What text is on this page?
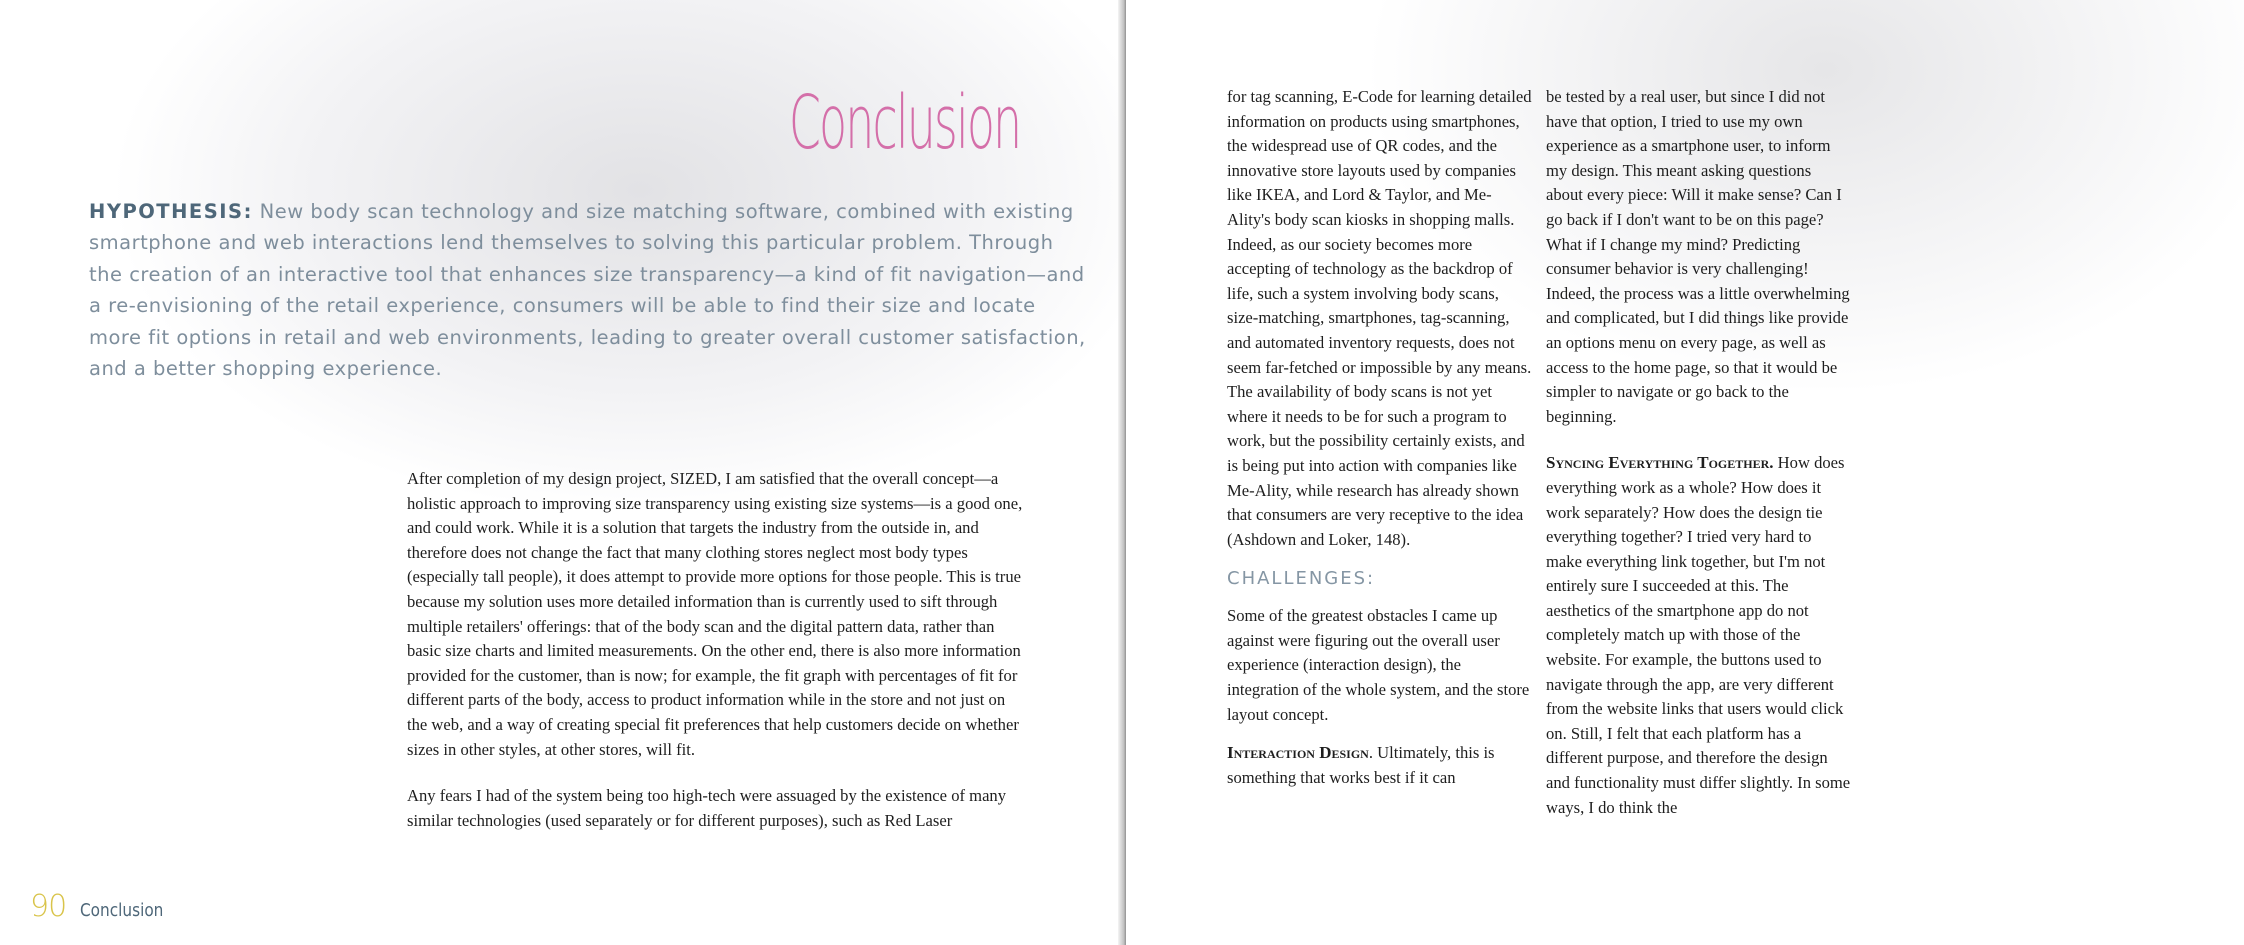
Conclusion

HYPOTHESIS: New body scan technology and size matching software, combined with existing smartphone and web interactions lend themselves to solving this particular problem. Through the creation of an interactive tool that enhances size transparency—a kind of fit navigation—and a re-envisioning of the retail experience, consumers will be able to find their size and locate more fit options in retail and web environments, leading to greater overall customer satisfaction, and a better shopping experience.

After completion of my design project, SIZED, I am satisfied that the overall concept—a holistic approach to improving size transparency using existing size systems—is a good one, and could work. While it is a solution that targets the industry from the outside in, and therefore does not change the fact that many clothing stores neglect most body types (especially tall people), it does attempt to provide more options for those people. This is true because my solution uses more detailed information than is currently used to sift through multiple retailers' offerings: that of the body scan and the digital pattern data, rather than basic size charts and limited measurements. On the other end, there is also more information provided for the customer, than is now; for example, the fit graph with percentages of fit for different parts of the body, access to product information while in the store and not just on the web, and a way of creating special fit preferences that help customers decide on whether sizes in other styles, at other stores, will fit.

Any fears I had of the system being too high-tech were assuaged by the existence of many similar technologies (used separately or for different purposes), such as Red Laser

90 Conclusion

for tag scanning, E-Code for learning detailed information on products using smartphones, the widespread use of QR codes, and the innovative store layouts used by companies like IKEA, and Lord & Taylor, and Me-Ality's body scan kiosks in shopping malls. Indeed, as our society becomes more accepting of technology as the backdrop of life, such a system involving body scans, size-matching, smartphones, tag-scanning, and automated inventory requests, does not seem far-fetched or impossible by any means. The availability of body scans is not yet where it needs to be for such a program to work, but the possibility certainly exists, and is being put into action with companies like Me-Ality, while research has already shown that consumers are very receptive to the idea (Ashdown and Loker, 148).

CHALLENGES:

Some of the greatest obstacles I came up against were figuring out the overall user experience (interaction design), the integration of the whole system, and the store layout concept.

Interaction Design. Ultimately, this is something that works best if it can

be tested by a real user, but since I did not have that option, I tried to use my own experience as a smartphone user, to inform my design. This meant asking questions about every piece: Will it make sense? Can I go back if I don't want to be on this page? What if I change my mind? Predicting consumer behavior is very challenging! Indeed, the process was a little overwhelming and complicated, but I did things like provide an options menu on every page, as well as access to the home page, so that it would be simpler to navigate or go back to the beginning.

Syncing Everything Together. How does everything work as a whole? How does it work separately? How does the design tie everything together? I tried very hard to make everything link together, but I'm not entirely sure I succeeded at this. The aesthetics of the smartphone app do not completely match up with those of the website. For example, the buttons used to navigate through the app, are very different from the website links that users would click on. Still, I felt that each platform has a different purpose, and therefore the design and functionality must differ slightly. In some ways, I do think the
